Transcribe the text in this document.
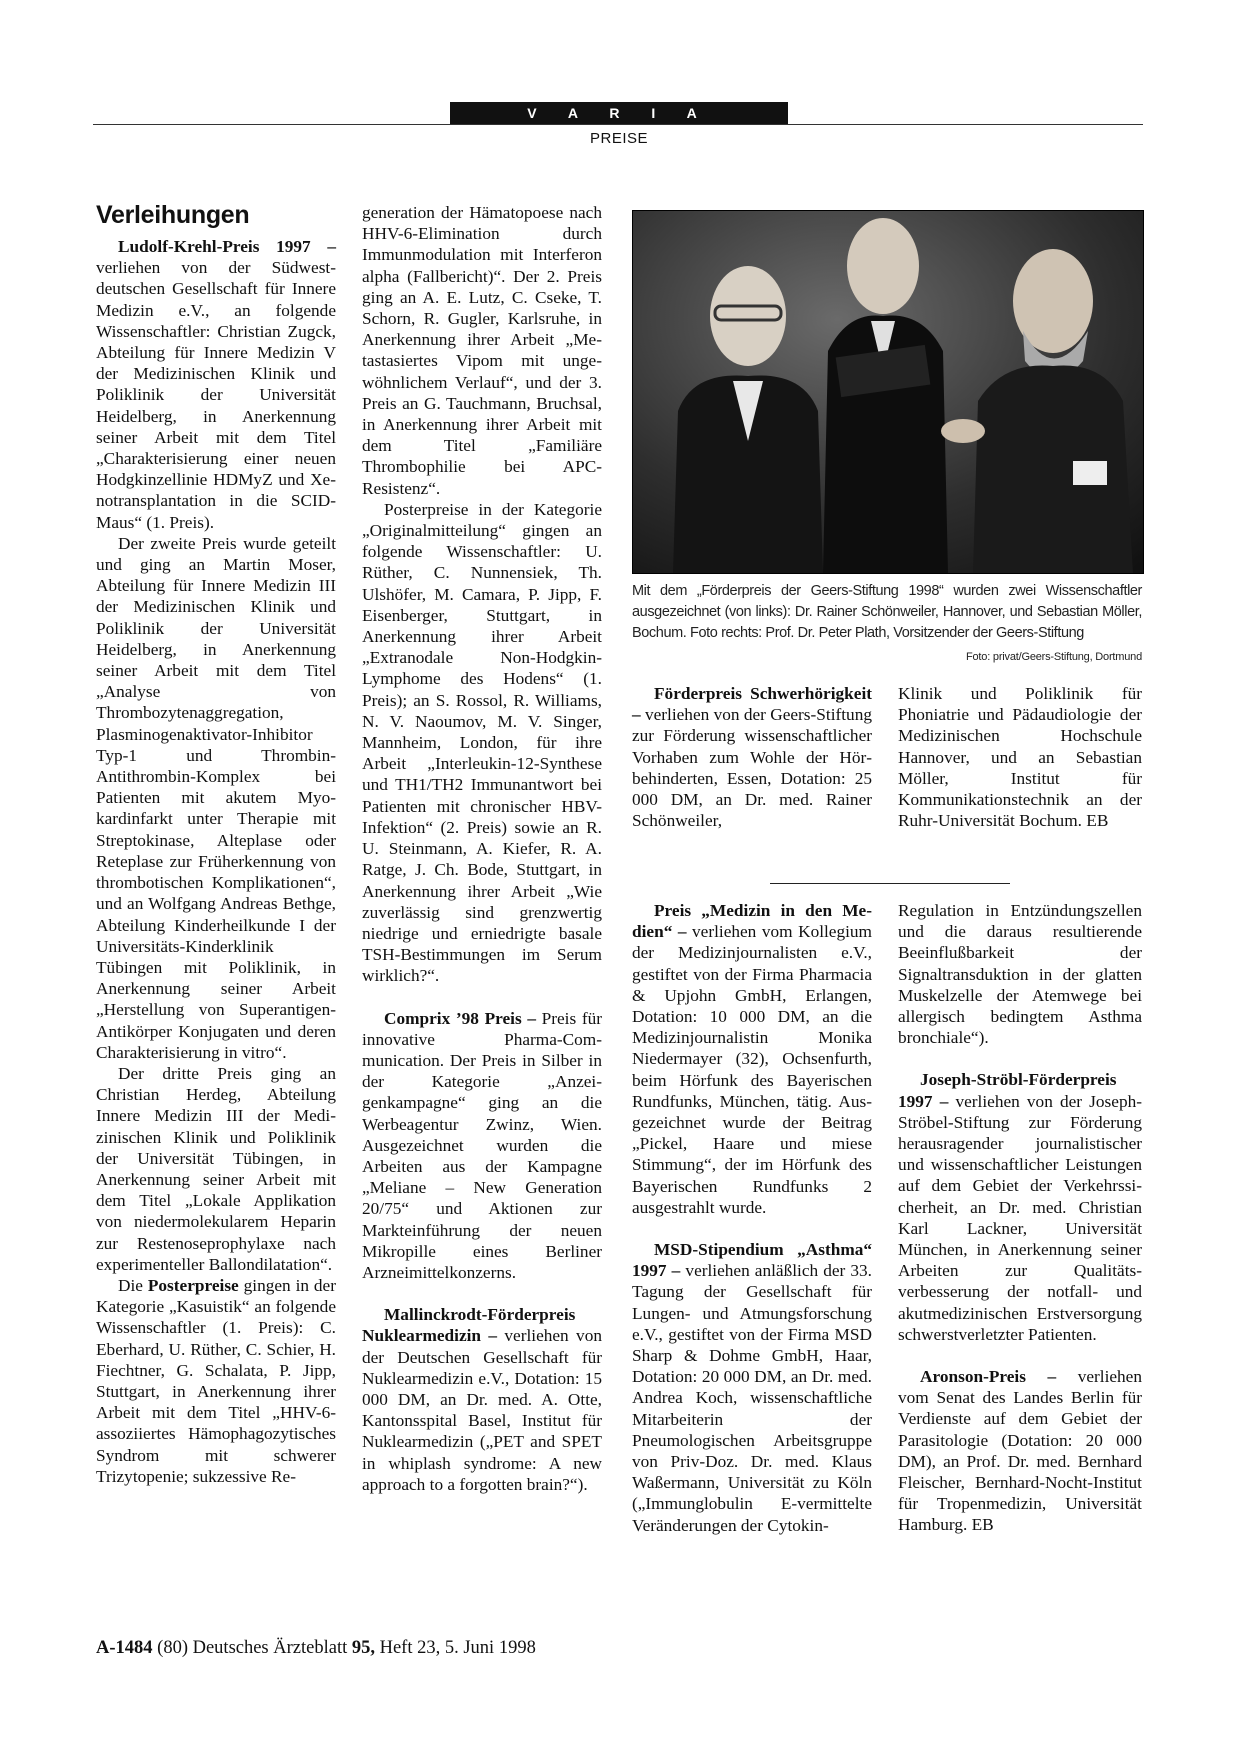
V A R I A
PREISE
Verleihungen

Ludolf-Krehl-Preis 1997 – verliehen von der Südwestdeutschen Gesellschaft für Innere Medizin e.V., an folgende Wissenschaftler: Christian Zugck, Abteilung für Innere Medizin V der Medizinischen Klinik und Poliklinik der Universität Heidelberg, in Anerkennung seiner Arbeit mit dem Titel „Charakterisierung einer neuen Hodgkinzellinie HDMyZ und Xenotransplantation in die SCID-Maus“ (1. Preis).

Der zweite Preis wurde geteilt und ging an Martin Moser, Abteilung für Innere Medizin III der Medizinischen Klinik und Poliklinik der Universität Heidelberg, in Anerkennung seiner Arbeit mit dem Titel „Analyse von Thrombozytenaggregation, Plasminogenaktivator-Inhibitor Typ-1 und Thrombin-Antithrombin-Komplex bei Patienten mit akutem Myokardinfarkt unter Therapie mit Streptokinase, Alteplase oder Reteplase zur Früherkennung von thrombotischen Komplikationen“, und an Wolfgang Andreas Bethge, Abteilung Kinderheilkunde I der Universitäts-Kinderklinik Tübingen mit Poliklinik, in Anerkennung seiner Arbeit „Herstellung von Superantigen-Antikörper Konjugaten und deren Charakterisierung in vitro“.

Der dritte Preis ging an Christian Herdeg, Abteilung Innere Medizin III der Medizinischen Klinik und Poliklinik der Universität Tübingen, in Anerkennung seiner Arbeit mit dem Titel „Lokale Applikation von niedermolekularem Heparin zur Restenoseprophylaxe nach experimenteller Ballondilatation“.

Die Posterpreise gingen in der Kategorie „Kasuistik“ an folgende Wissenschaftler (1. Preis): C. Eberhard, U. Rüther, C. Schier, H. Fiechtner, G. Schalata, P. Jipp, Stuttgart, in Anerkennung ihrer Arbeit mit dem Titel „HHV-6-assoziiertes Hämophagozytisches Syndrom mit schwerer Trizytopenie; sukzessive Re-

generation der Hämatopoese nach HHV-6-Elimination durch Immunmodulation mit Interferon alpha (Fallbericht)“. Der 2. Preis ging an A. E. Lutz, C. Cseke, T. Schorn, R. Gugler, Karlsruhe, in Anerkennung ihrer Arbeit „Metastasiertes Vipom mit ungewöhnlichem Verlauf“, und der 3. Preis an G. Tauchmann, Bruchsal, in Anerkennung ihrer Arbeit mit dem Titel „Familiäre Thrombophilie bei APC-Resistenz“.

Posterpreise in der Kategorie „Originalmitteilung“ gingen an folgende Wissenschaftler: U. Rüther, C. Nunnensiek, Th. Ulshöfer, M. Camara, P. Jipp, F. Eisenberger, Stuttgart, in Anerkennung ihrer Arbeit „Extranodale Non-Hodgkin-Lymphome des Hodens“ (1. Preis); an S. Rossol, R. Williams, N. V. Naoumov, M. V. Singer, Mannheim, London, für ihre Arbeit „Interleukin-12-Synthese und TH1/TH2 Immunantwort bei Patienten mit chronischer HBV-Infektion“ (2. Preis) sowie an R. U. Steinmann, A. Kiefer, R. A. Ratge, J. Ch. Bode, Stuttgart, in Anerkennung ihrer Arbeit „Wie zuverlässig sind grenzwertig niedrige und erniedrigte basale TSH-Bestimmungen im Serum wirklich?“.

Comprix ’98 Preis – Preis für innovative Pharma-Communication. Der Preis in Silber in der Kategorie „Anzeigenkampagne“ ging an die Werbeagentur Zwinz, Wien. Ausgezeichnet wurden die Arbeiten aus der Kampagne „Meliane – New Generation 20/75“ und Aktionen zur Markteinführung der neuen Mikropille eines Berliner Arzneimittelkonzerns.

Mallinckrodt-Förderpreis Nuklearmedizin – verliehen von der Deutschen Gesellschaft für Nuklearmedizin e.V., Dotation: 15 000 DM, an Dr. med. A. Otte, Kantonsspital Basel, Institut für Nuklearmedizin („PET and SPET in whiplash syndrome: A new approach to a forgotten brain?“).

Mit dem „Förderpreis der Geers-Stiftung 1998“ wurden zwei Wissenschaftler ausgezeichnet (von links): Dr. Rainer Schönweiler, Hannover, und Sebastian Möller, Bochum. Foto rechts: Prof. Dr. Peter Plath, Vorsitzender der Geers-Stiftung
Foto: privat/Geers-Stiftung, Dortmund

Förderpreis Schwerhörigkeit – verliehen von der Geers-Stiftung zur Förderung wissenschaftlicher Vorhaben zum Wohle der Hörbehinderten, Essen, Dotation: 25 000 DM, an Dr. med. Rainer Schönweiler,

Preis „Medizin in den Medien“ – verliehen vom Kollegium der Medizinjournalisten e.V., gestiftet von der Firma Pharmacia & Upjohn GmbH, Erlangen, Dotation: 10 000 DM, an die Medizinjournalistin Monika Niedermayer (32), Ochsenfurth, beim Hörfunk des Bayerischen Rundfunks, München, tätig. Ausgezeichnet wurde der Beitrag „Pickel, Haare und miese Stimmung“, der im Hörfunk des Bayerischen Rundfunks 2 ausgestrahlt wurde.

MSD-Stipendium „Asthma“ 1997 – verliehen anläßlich der 33. Tagung der Gesellschaft für Lungen- und Atmungsforschung e.V., gestiftet von der Firma MSD Sharp & Dohme GmbH, Haar, Dotation: 20 000 DM, an Dr. med. Andrea Koch, wissenschaftliche Mitarbeiterin der Pneumologischen Arbeitsgruppe von Priv-Doz. Dr. med. Klaus Waßermann, Universität zu Köln („Immunglobulin E-vermittelte Veränderungen der Cytokin-

Klinik und Poliklinik für Phoniatrie und Pädaudiologie der Medizinischen Hochschule Hannover, und an Sebastian Möller, Institut für Kommunikationstechnik an der Ruhr-Universität Bochum. EB

Regulation in Entzündungszellen und die daraus resultierende Beeinflußbarkeit der Signaltransduktion in der glatten Muskelzelle der Atemwege bei allergisch bedingtem Asthma bronchiale“).

Joseph-Ströbl-Förderpreis 1997 – verliehen von der Joseph-Ströbel-Stiftung zur Förderung herausragender journalistischer und wissenschaftlicher Leistungen auf dem Gebiet der Verkehrssicherheit, an Dr. med. Christian Karl Lackner, Universität München, in Anerkennung seiner Arbeiten zur Qualitätsverbesserung der notfall- und akutmedizinischen Erstversorgung schwerstverletzter Patienten.

Aronson-Preis – verliehen vom Senat des Landes Berlin für Verdienste auf dem Gebiet der Parasitologie (Dotation: 20 000 DM), an Prof. Dr. med. Bernhard Fleischer, Bernhard-Nocht-Institut für Tropenmedizin, Universität Hamburg. EB

A-1484 (80) Deutsches Ärzteblatt 95, Heft 23, 5. Juni 1998
